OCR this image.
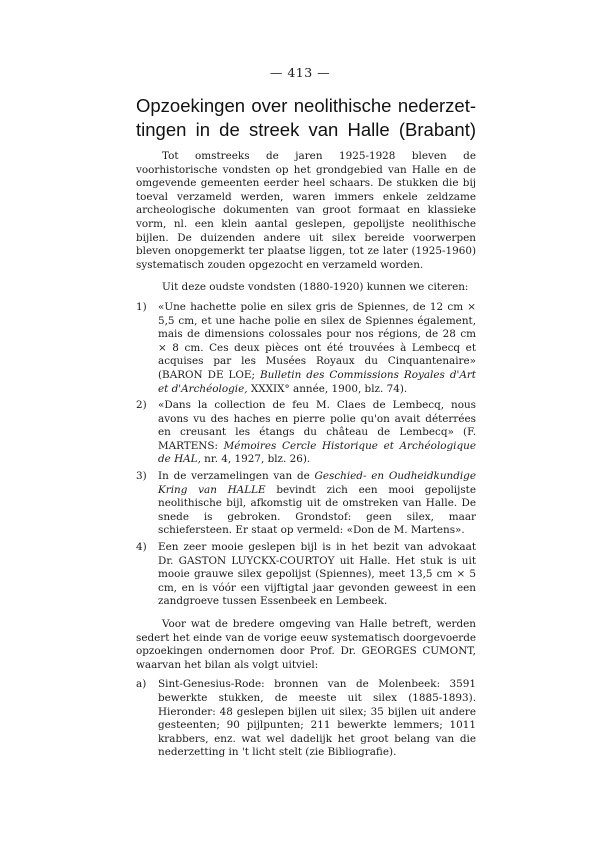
— 413 —
Opzoekingen over neolithische nederzet-
tingen in de streek van Halle (Brabant)

Tot omstreeks de jaren 1925-1928 bleven de voorhistorische vondsten op het grondgebied van Halle en de omgevende gemeenten eerder heel schaars. De stukken die bij toeval verzameld werden, waren immers enkele zeldzame archeologische dokumenten van groot formaat en klassieke vorm, nl. een klein aantal geslepen, gepolijste neolithische bijlen. De duizenden andere uit silex bereide voorwerpen bleven onopgemerkt ter plaatse liggen, tot ze later (1925-1960) systematisch zouden opgezocht en verzameld worden.

Uit deze oudste vondsten (1880-1920) kunnen we citeren:

1) «Une hachette polie en silex gris de Spiennes, de 12 cm × 5,5 cm, et une hache polie en silex de Spiennes également, mais de dimensions colossales pour nos régions, de 28 cm × 8 cm. Ces deux pièces ont été trouvées à Lembecq et acquises par les Musées Royaux du Cinquantenaire» (BARON DE LOE; Bulletin des Commissions Royales d'Art et d'Archéologie, XXXIX° année, 1900, blz. 74).
2) «Dans la collection de feu M. Claes de Lembecq, nous avons vu des haches en pierre polie qu'on avait déterrées en creusant les étangs du château de Lembecq» (F. MARTENS: Mémoires Cercle Historique et Archéologique de HAL, nr. 4, 1927, blz. 26).
3) In de verzamelingen van de Geschied- en Oudheidkundige Kring van HALLE bevindt zich een mooi gepolijste neolithische bijl, afkomstig uit de omstreken van Halle. De snede is gebroken. Grondstof: geen silex, maar schiefersteen. Er staat op vermeld: «Don de M. Martens».
4) Een zeer mooie geslepen bijl is in het bezit van advokaat Dr. GASTON LUYCKX-COURTOY uit Halle. Het stuk is uit mooie grauwe silex gepolijst (Spiennes), meet 13,5 cm × 5 cm, en is vóór een vijftigtal jaar gevonden geweest in een zandgroeve tussen Essenbeek en Lembeek.

Voor wat de bredere omgeving van Halle betreft, werden sedert het einde van de vorige eeuw systematisch doorgevoerde opzoekingen ondernomen door Prof. Dr. GEORGES CUMONT, waarvan het bilan als volgt uitviel:

a) Sint-Genesius-Rode: bronnen van de Molenbeek: 3591 bewerkte stukken, de meeste uit silex (1885-1893). Hieronder: 48 geslepen bijlen uit silex; 35 bijlen uit andere gesteenten; 90 pijlpunten; 211 bewerkte lemmers; 1011 krabbers, enz. wat wel dadelijk het groot belang van die nederzetting in 't licht stelt (zie Bibliografie).
